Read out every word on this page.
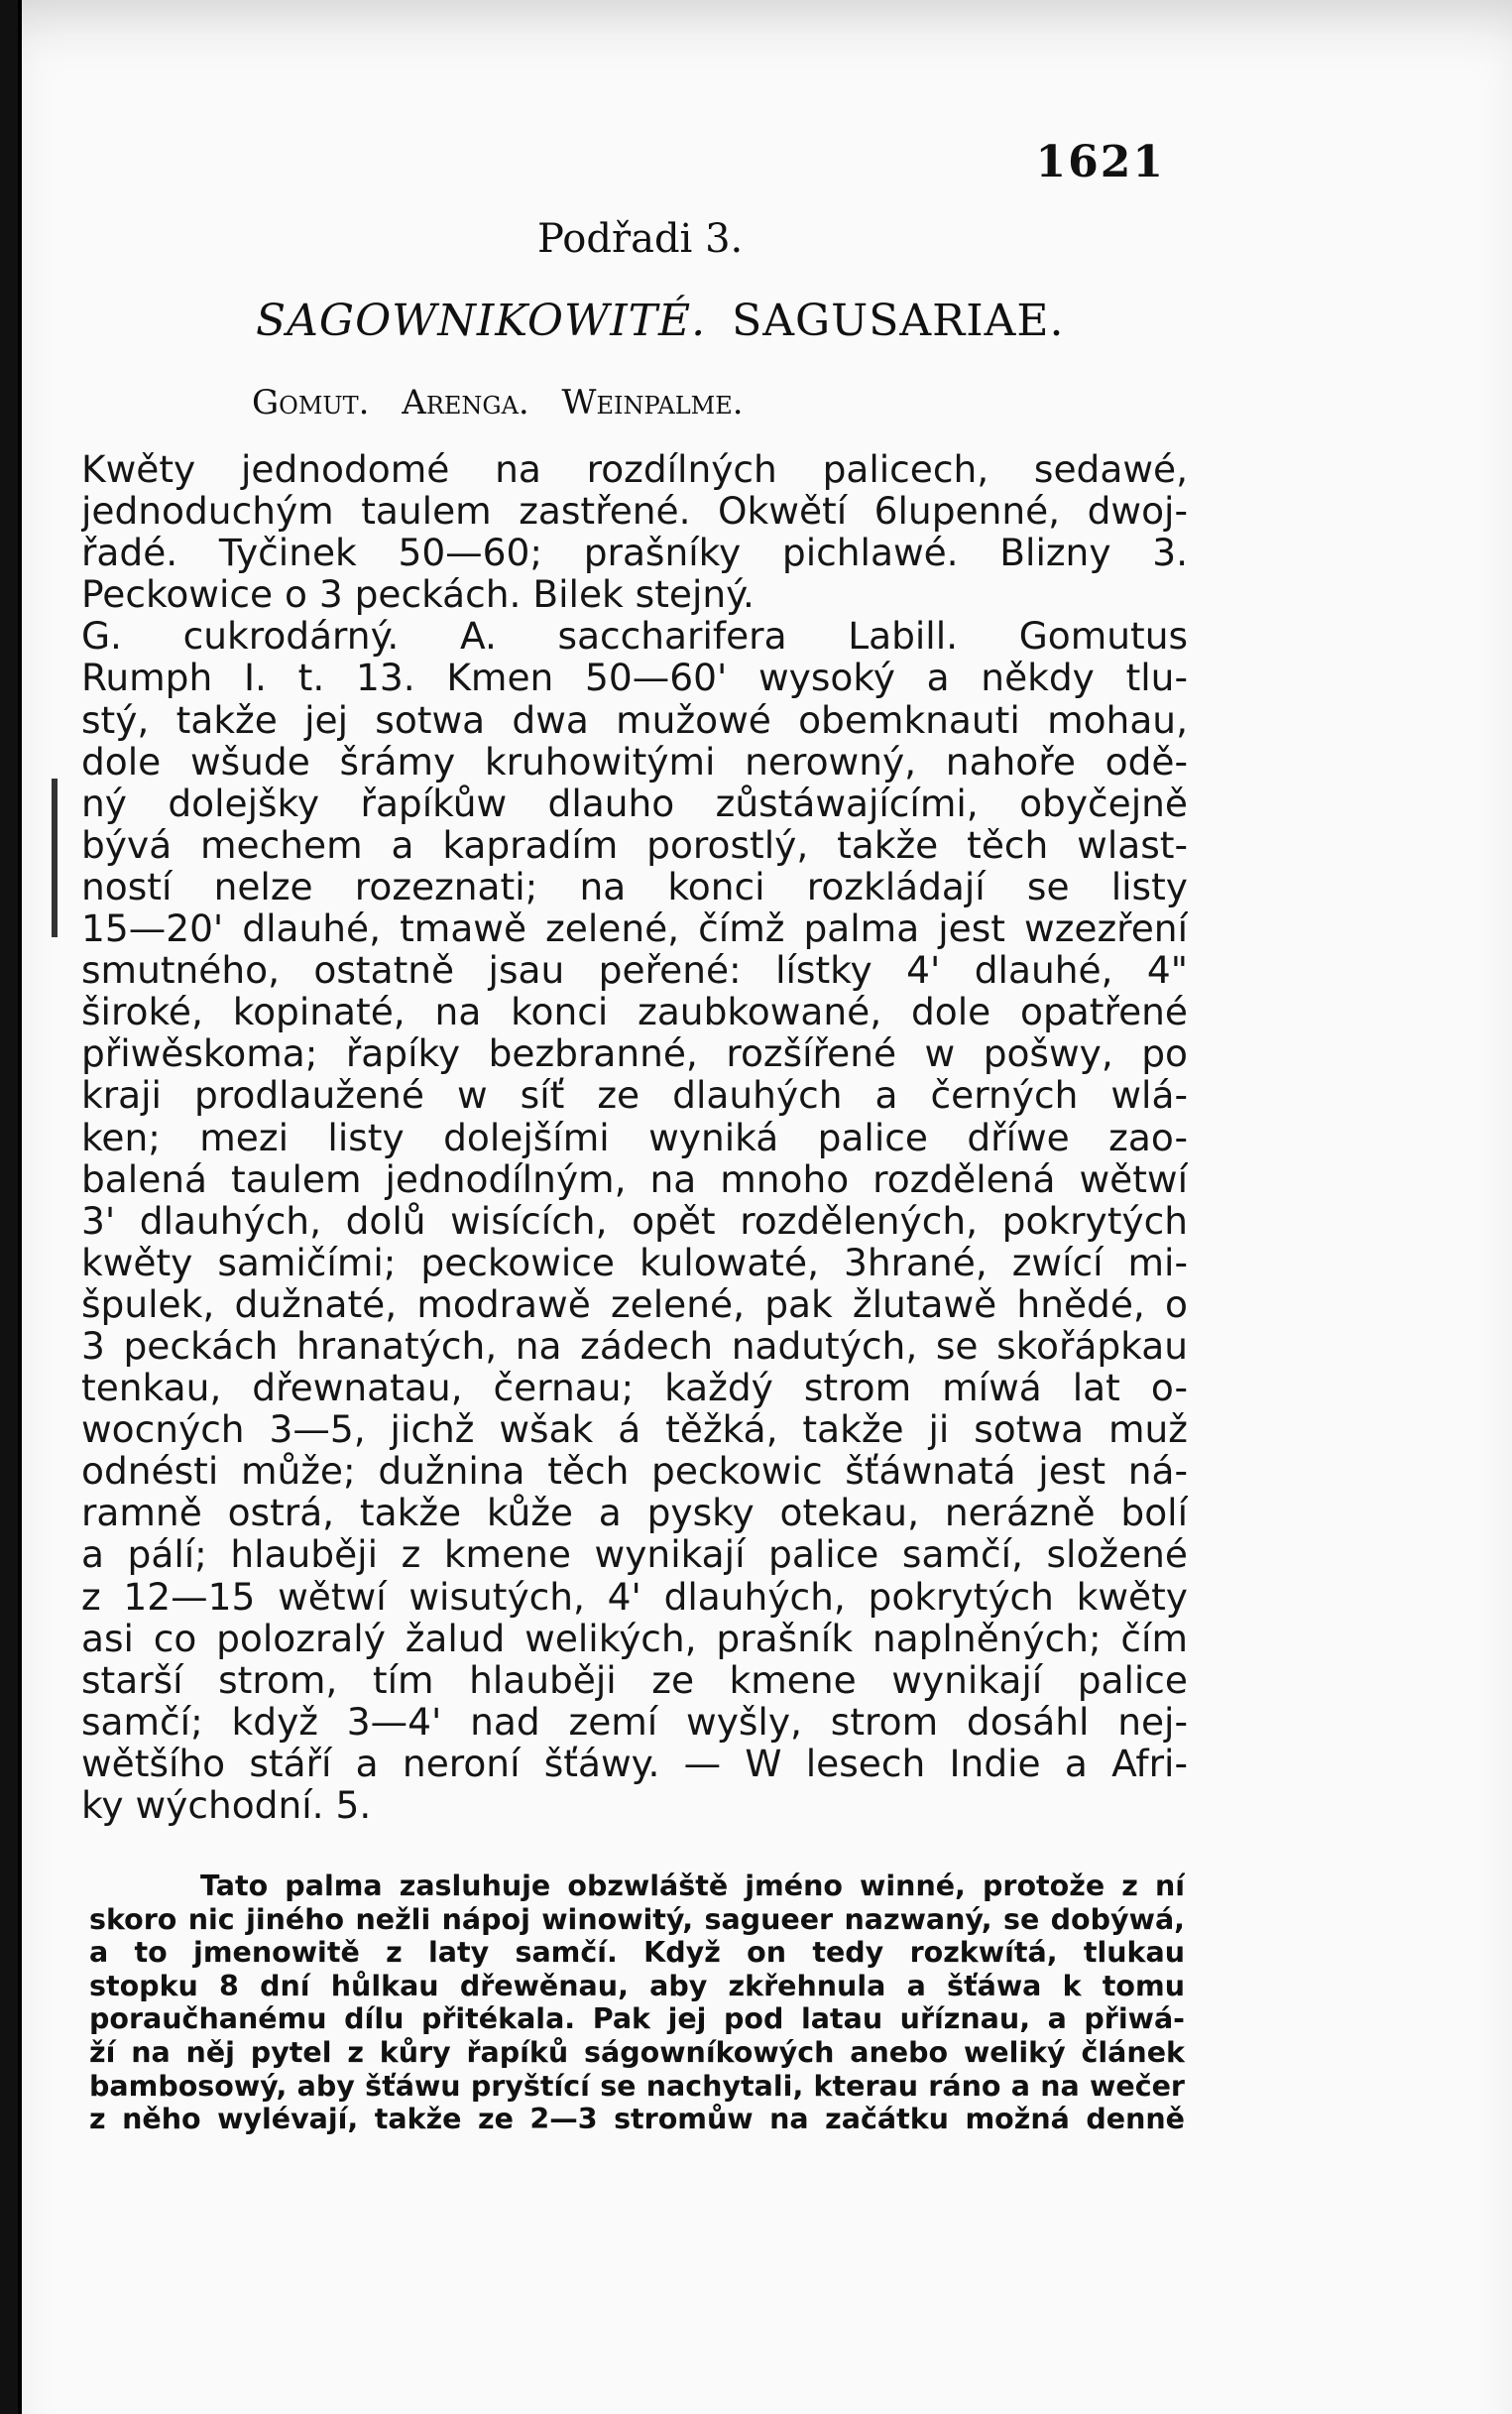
1621
Podřadi 3.
SAGOWNIKOWITÉ. SAGUSARIAE.
Gomut. Arenga. Weinpalme.
Kwěty jednodomé na rozdílných palicech, sedawé,
jednoduchým taulem zastřené. Okwětí 6lupenné, dwoj-
řadé. Tyčinek 50—60; prašníky pichlawé. Blizny 3.
Peckowice o 3 peckách. Bilek stejný.
G. cukrodárný. A. saccharifera Labill. Gomutus
Rumph I. t. 13. Kmen 50—60' wysoký a někdy tlu-
stý, takže jej sotwa dwa mužowé obemknauti mohau,
dole wšude šrámy kruhowitými nerowný, nahoře odě-
ný dolejšky řapíkůw dlauho zůstáwajícími, obyčejně
bývá mechem a kapradím porostlý, takže těch wlast-
ností nelze rozeznati; na konci rozkládají se listy
15—20' dlauhé, tmawě zelené, čímž palma jest wzezření
smutného, ostatně jsau peřené: lístky 4' dlauhé, 4"
široké, kopinaté, na konci zaubkowané, dole opatřené
přiwěskoma; řapíky bezbranné, rozšířené w pošwy, po
kraji prodlaužené w síť ze dlauhých a černých wlá-
ken; mezi listy dolejšími wyniká palice dříwe zao-
balená taulem jednodílným, na mnoho rozdělená wětwí
3' dlauhých, dolů wisících, opět rozdělených, pokrytých
kwěty samičími; peckowice kulowaté, 3hrané, zwící mi-
špulek, dužnaté, modrawě zelené, pak žlutawě hnědé, o
3 peckách hranatých, na zádech nadutých, se skořápkau
tenkau, dřewnatau, černau; každý strom míwá lat o-
wocných 3—5, jichž wšak á těžká, takže ji sotwa muž
odnésti může; dužnina těch peckowic šťáwnatá jest ná-
ramně ostrá, takže kůže a pysky otekau, nerázně bolí
a pálí; hlauběji z kmene wynikají palice samčí, složené
z 12—15 wětwí wisutých, 4' dlauhých, pokrytých kwěty
asi co polozralý žalud welikých, prašník naplněných; čím
starší strom, tím hlauběji ze kmene wynikají palice
samčí; když 3—4' nad zemí wyšly, strom dosáhl nej-
wětšího stáří a neroní šťáwy. — W lesech Indie a Afri-
ky wýchodní. 5.
Tato palma zasluhuje obzwláště jméno winné, protože z ní
skoro nic jiného nežli nápoj winowitý, sagueer nazwaný, se dobýwá,
a to jmenowitě z laty samčí. Když on tedy rozkwítá, tlukau
stopku 8 dní hůlkau dřewěnau, aby zkřehnula a šťáwa k tomu
poraučhanému dílu přitékala. Pak jej pod latau uříznau, a přiwá-
ží na něj pytel z kůry řapíků ságowníkowých anebo weliký článek
bambosowý, aby šťáwu pryštící se nachytali, kterau ráno a na wečer
z něho wylévají, takže ze 2—3 stromůw na začátku možná denně
